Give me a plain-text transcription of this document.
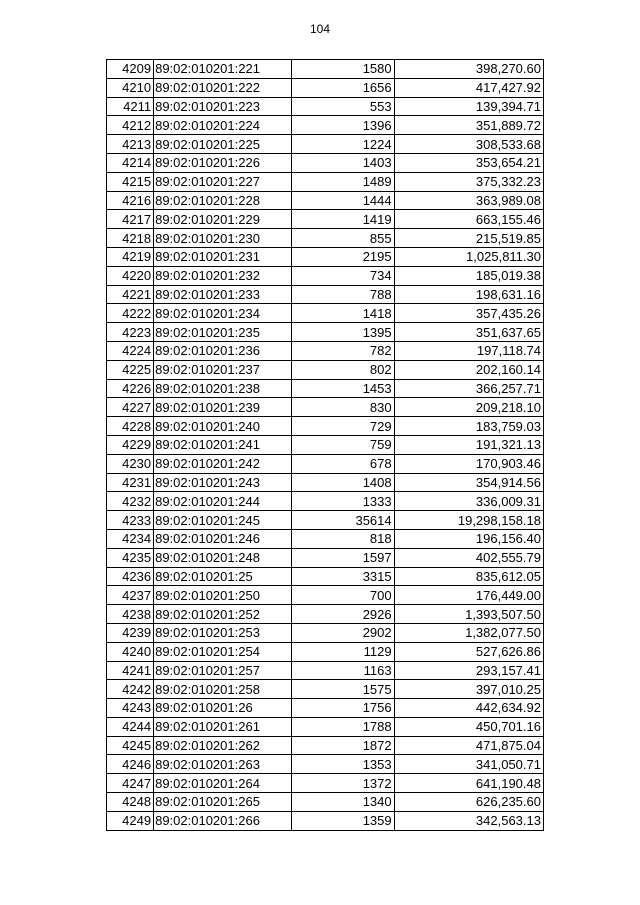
104
4209	89:02:010201:221	1580	398,270.60
4210	89:02:010201:222	1656	417,427.92
4211	89:02:010201:223	553	139,394.71
4212	89:02:010201:224	1396	351,889.72
4213	89:02:010201:225	1224	308,533.68
4214	89:02:010201:226	1403	353,654.21
4215	89:02:010201:227	1489	375,332.23
4216	89:02:010201:228	1444	363,989.08
4217	89:02:010201:229	1419	663,155.46
4218	89:02:010201:230	855	215,519.85
4219	89:02:010201:231	2195	1,025,811.30
4220	89:02:010201:232	734	185,019.38
4221	89:02:010201:233	788	198,631.16
4222	89:02:010201:234	1418	357,435.26
4223	89:02:010201:235	1395	351,637.65
4224	89:02:010201:236	782	197,118.74
4225	89:02:010201:237	802	202,160.14
4226	89:02:010201:238	1453	366,257.71
4227	89:02:010201:239	830	209,218.10
4228	89:02:010201:240	729	183,759.03
4229	89:02:010201:241	759	191,321.13
4230	89:02:010201:242	678	170,903.46
4231	89:02:010201:243	1408	354,914.56
4232	89:02:010201:244	1333	336,009.31
4233	89:02:010201:245	35614	19,298,158.18
4234	89:02:010201:246	818	196,156.40
4235	89:02:010201:248	1597	402,555.79
4236	89:02:010201:25	3315	835,612.05
4237	89:02:010201:250	700	176,449.00
4238	89:02:010201:252	2926	1,393,507.50
4239	89:02:010201:253	2902	1,382,077.50
4240	89:02:010201:254	1129	527,626.86
4241	89:02:010201:257	1163	293,157.41
4242	89:02:010201:258	1575	397,010.25
4243	89:02:010201:26	1756	442,634.92
4244	89:02:010201:261	1788	450,701.16
4245	89:02:010201:262	1872	471,875.04
4246	89:02:010201:263	1353	341,050.71
4247	89:02:010201:264	1372	641,190.48
4248	89:02:010201:265	1340	626,235.60
4249	89:02:010201:266	1359	342,563.13
